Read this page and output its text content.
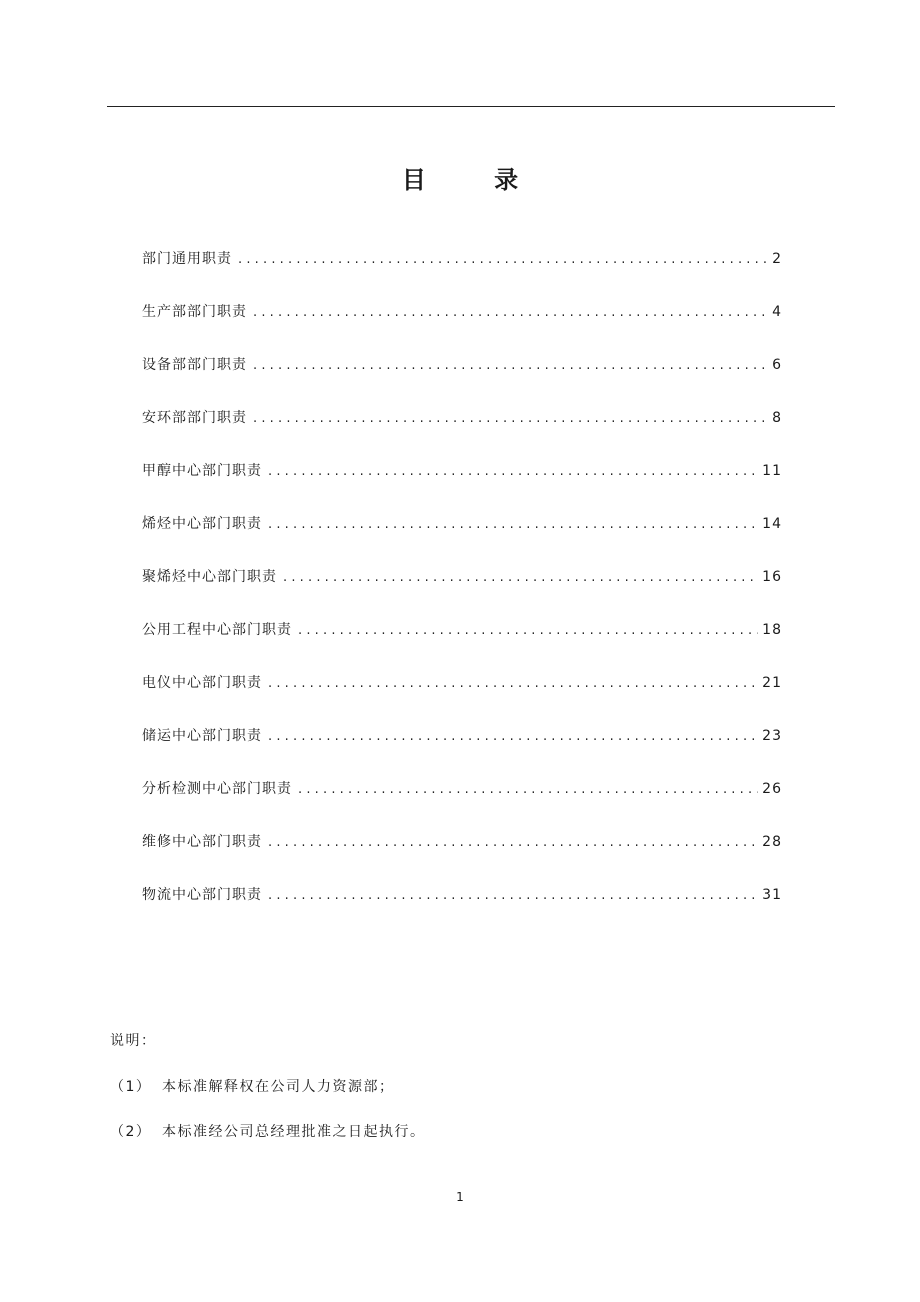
目 录
部门通用职责 .....	2
生产部部门职责 .....	4
设备部部门职责 .....	6
安环部部门职责 .....	8
甲醇中心部门职责 .....	11
烯烃中心部门职责 .....	14
聚烯烃中心部门职责 .....	16
公用工程中心部门职责 .....	18
电仪中心部门职责 .....	21
储运中心部门职责 .....	23
分析检测中心部门职责 .....	26
维修中心部门职责 .....	28
物流中心部门职责 .....	31
说明：
（1） 本标准解释权在公司人力资源部；
（2） 本标准经公司总经理批准之日起执行。
1
